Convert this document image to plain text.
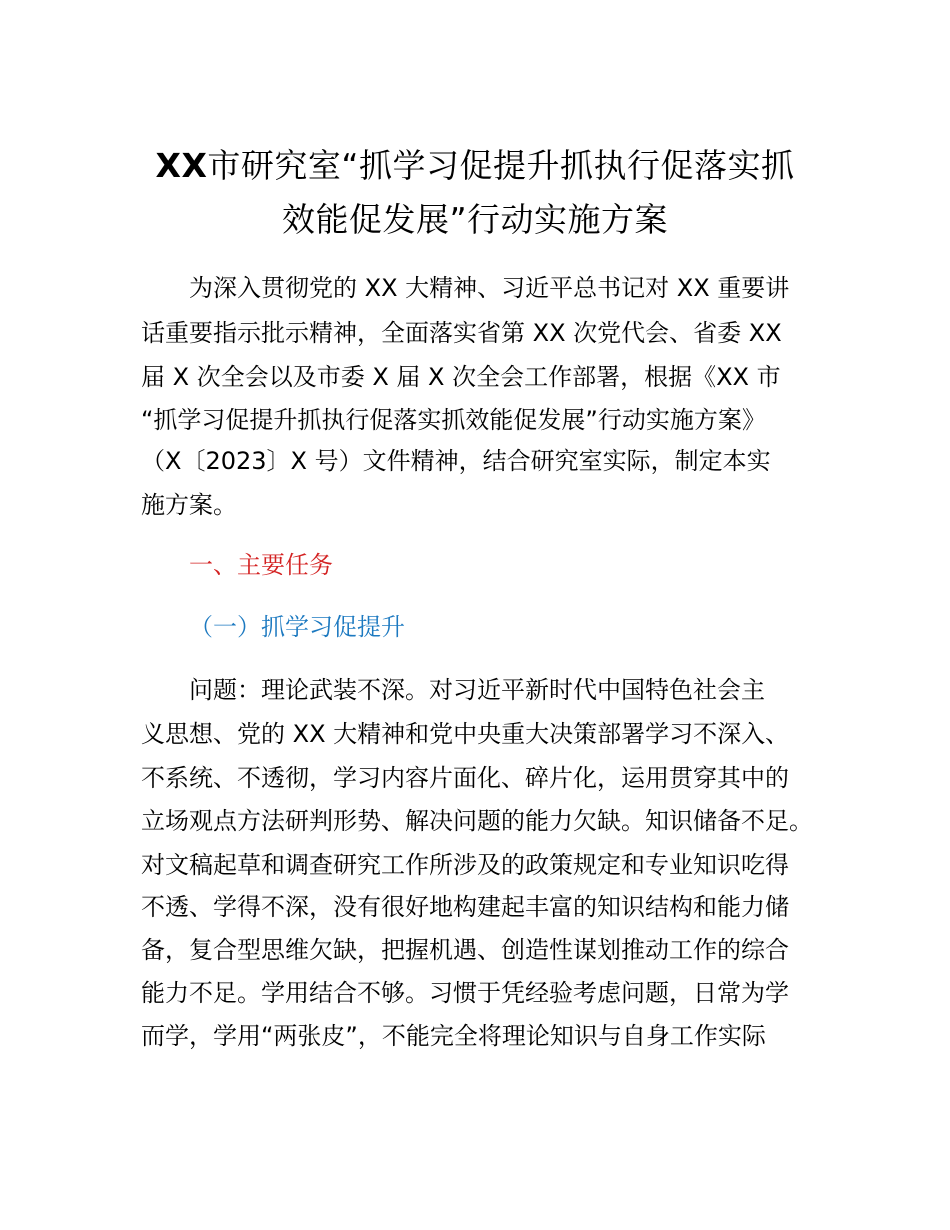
XX市研究室“抓学习促提升抓执行促落实抓
效能促发展”行动实施方案
为深入贯彻党的 XX 大精神、习近平总书记对 XX 重要讲
话重要指示批示精神，全面落实省第 XX 次党代会、省委 XX
届 X 次全会以及市委 X 届 X 次全会工作部署，根据《XX 市
“抓学习促提升抓执行促落实抓效能促发展”行动实施方案》
（X〔2023〕X 号）文件精神，结合研究室实际，制定本实
施方案。
一、主要任务
（一）抓学习促提升
问题：理论武装不深。对习近平新时代中国特色社会主
义思想、党的 XX 大精神和党中央重大决策部署学习不深入、
不系统、不透彻，学习内容片面化、碎片化，运用贯穿其中的
立场观点方法研判形势、解决问题的能力欠缺。知识储备不足。
对文稿起草和调查研究工作所涉及的政策规定和专业知识吃得
不透、学得不深，没有很好地构建起丰富的知识结构和能力储
备，复合型思维欠缺，把握机遇、创造性谋划推动工作的综合
能力不足。学用结合不够。习惯于凭经验考虑问题，日常为学
而学，学用“两张皮”，不能完全将理论知识与自身工作实际
